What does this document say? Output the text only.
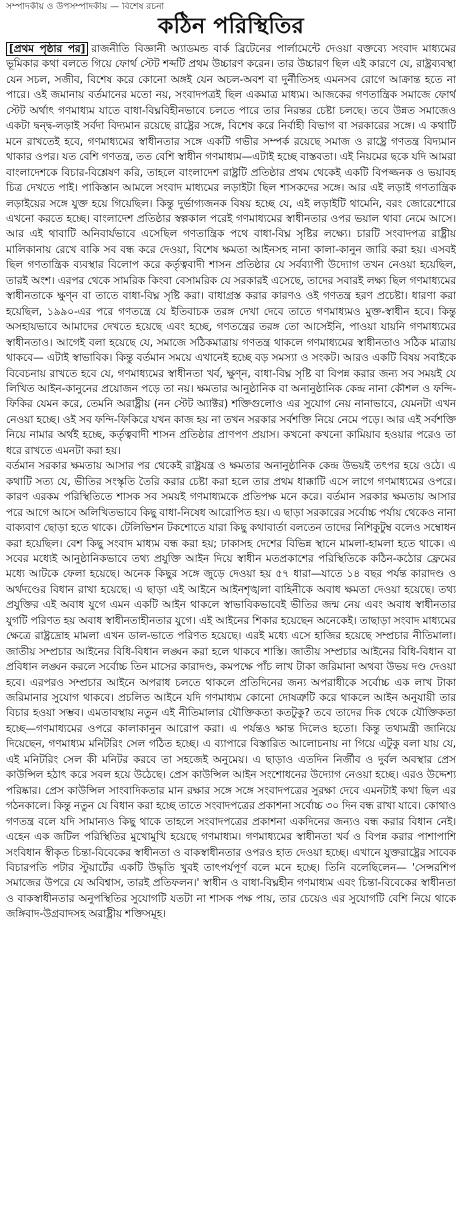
সম্পাদকীয় ও উপসম্পাদকীয় — বিশেষ রচনা
কঠিন পরিস্থিতির
[প্রথম পৃষ্ঠার পর] রাজনীতি বিজ্ঞানী অ্যাডমন্ড বার্ক ব্রিটেনের পার্লামেন্টে দেওয়া বক্তব্যে সংবাদ মাধ্যমের ভূমিকার কথা বলতে গিয়ে ফোর্থ স্টেট শব্দটি প্রথম উচ্চারণ করেন। তার উচ্চারণ ছিল এই কারণে যে, রাষ্ট্রব্যবস্থা যেন সচল, সজীব, বিশেষ করে কোনো অঙ্গই যেন অচল-অবশ বা দুর্নীতিসহ এমনসব রোগে আক্রান্ত হতে না পারে। ওই জমানায় বর্তমানের মতো নয়, সংবাদপত্রই ছিল একমাত্র মাধ্যম। আজকের গণতান্ত্রিক সমাজে ফোর্থ স্টেট অর্থাৎ গণমাধ্যম যাতে বাধা-বিঘ্নবিহীনভাবে চলতে পারে তার নিরন্তর চেষ্টা চলছে। তবে উন্নত সমাজেও একটা দ্বন্দ্ব-লড়াই সর্বদা বিদ্যমান রয়েছে রাষ্ট্রের সঙ্গে, বিশেষ করে নির্বাহী বিভাগ বা সরকারের সঙ্গে। এ কথাটি মনে রাখতেই হবে, গণমাধ্যমের স্বাধীনতার সঙ্গে একটি গভীর সম্পর্ক রয়েছে সমাজ ও রাষ্ট্রে গণতন্ত্র বিদ্যমান থাকার ওপর। যত বেশি গণতন্ত্র, তত বেশি স্বাধীন গণমাধ্যম—এটাই হচ্ছে বাস্তবতা। এই নিয়মের ছকে যদি আমরা বাংলাদেশকে বিচার-বিশ্লেষণ করি, তাহলে বাংলাদেশ রাষ্ট্রটি প্রতিষ্ঠার প্রথম থেকেই একটি বিপজ্জনক ও ভয়াবহ চিত্র দেখতে পাই। পাকিস্তান আমলে সংবাদ মাধ্যমের লড়াইটা ছিল শাসকদের সঙ্গে। আর এই লড়াই গণতান্ত্রিক লড়াইয়ের সঙ্গে যুক্ত হয়ে গিয়েছিল। কিন্তু দুর্ভাগ্যজনক বিষয় হচ্ছে যে, এই লড়াইটি থামেনি, বরং জোরেশোরে এখনো করতে হচ্ছে। বাংলাদেশ প্রতিষ্ঠার স্বল্পকাল পরেই গণমাধ্যমের স্বাধীনতার ওপর ভয়াল থাবা নেমে আসে। আর এই থাবাটি অনিবার্যভাবে এসেছিল গণতান্ত্রিক পথে বাধা-বিঘ্ন সৃষ্টির লক্ষ্যে। চারটি সংবাদপত্র রাষ্ট্রীয় মালিকানায় রেখে বাকি সব বন্ধ করে দেওয়া, বিশেষ ক্ষমতা আইনসহ নানা কালা-কানুন জারি করা হয়। এসবই ছিল গণতান্ত্রিক ব্যবস্থার বিলোপ করে কর্তৃত্ববাদী শাসন প্রতিষ্ঠার যে সর্বব্যাপী উদ্যোগ তখন নেওয়া হয়েছিল, তারই অংশ। এরপর থেকে সামরিক কিংবা বেসামরিক যে সরকারই এসেছে, তাদের সবারই লক্ষ্য ছিল গণমাধ্যমের স্বাধীনতাকে ক্ষুণ্ন বা তাতে বাধা-বিঘ্ন সৃষ্টি করা। বাধাগ্রস্ত করার কারণও ওই গণতন্ত্র হরণ প্রচেষ্টা। ধারণা করা হয়েছিল, ১৯৯০-এর পরে গণতন্ত্রে যে ইতিবাচক তরঙ্গ দেখা দেবে তাতে গণমাধ্যমও মুক্ত-স্বাধীন হবে। কিন্তু অসহায়ভাবে আমাদের দেখতে হয়েছে এবং হচ্ছে, গণতন্ত্রের তরঙ্গ তো আসেইনি, পাওয়া যায়নি গণমাধ্যমের স্বাধীনতাও। আগেই বলা হয়েছে যে, সমাজে সঠিকমাত্রায় গণতন্ত্র থাকলে গণমাধ্যমের স্বাধীনতাও সঠিক মাত্রায় থাকবে— এটাই স্বাভাবিক। কিন্তু বর্তমান সময়ে এখানেই হচ্ছে বড় সমস্যা ও সংকট। আরও একটি বিষয় সবাইকে বিবেচনায় রাখতে হবে যে, গণমাধ্যমের স্বাধীনতা খর্ব, ক্ষুণ্ন, বাধা-বিঘ্ন সৃষ্টি বা বিপন্ন করার জন্য সব সময়ই যে লিখিত আইন-কানুনের প্রয়োজন পড়ে তা নয়। ক্ষমতার আনুষ্ঠানিক বা অনানুষ্ঠানিক কেন্দ্র নানা কৌশল ও ফন্দি-ফিকির যেমন করে, তেমনি অরাষ্ট্রীয় (নন স্টেট অ্যাক্টর) শক্তিগুলোও এর সুযোগ নেয় নানাভাবে, যেমনটা এখন নেওয়া হচ্ছে। ওই সব ফন্দি-ফিকিরে যখন কাজ হয় না তখন সরকার সর্বশক্তি নিয়ে নেমে পড়ে। আর এই সর্বশক্তি নিয়ে নামার অর্থই হচ্ছে, কর্তৃত্ববাদী শাসন প্রতিষ্ঠার প্রাণপণ প্রয়াস। কখনো কখনো কামিয়াব হওয়ার পরেও তা ধরে রাখতে এমনটা করা হয়।
বর্তমান সরকার ক্ষমতায় আসার পর থেকেই রাষ্ট্রযন্ত্র ও ক্ষমতার অনানুষ্ঠানিক কেন্দ্র উভয়ই তৎপর হয়ে ওঠে। এ কথাটি সত্য যে, ভীতির সংস্কৃতি তৈরি করার চেষ্টা করা হলে তার প্রথম ধাক্কাটি এসে লাগে গণমাধ্যমের ওপরে। কারণ এরকম পরিস্থিতিতে শাসক সব সময়ই গণমাধ্যমকে প্রতিপক্ষ মনে করে। বর্তমান সরকার ক্ষমতায় আসার পরে আগে আসে অলিখিতভাবে কিছু বাধা-নিষেধ আরোপিত হয়। এ ছাড়া সরকারের সর্বোচ্চ পর্যায় থেকেও নানা বাক্যবাণ ছোড়া হতে থাকে। টেলিভিশন টকশোতে যারা কিছু কথাবার্তা বলতেন তাদের নিশিকুটুম্ব বলেও সম্বোধন করা হয়েছিল। বেশ কিছু সংবাদ মাধ্যম বন্ধ করা হয়; ঢাকাসহ দেশের বিভিন্ন স্থানে মামলা-হামলা হতে থাকে। এ সবের মধ্যেই আনুষ্ঠানিকভাবে তথ্য প্রযুক্তি আইন দিয়ে স্বাধীন মতপ্রকাশের পরিস্থিতিকে কঠিন-কঠোর ফ্রেমের মধ্যে আটকে ফেলা হয়েছে। অনেক কিছুর সঙ্গে জুড়ে দেওয়া হয় ৫৭ ধারা—যাতে ১৪ বছর পর্যন্ত কারাদণ্ড ও অর্থদণ্ডের বিধান রাখা হয়েছে। এ ছাড়া এই আইনে আইনশৃঙ্খলা বাহিনীকে অবাধ ক্ষমতা দেওয়া হয়েছে। তথ্য প্রযুক্তির এই অবাধ যুগে এমন একটি আইন থাকলে স্বাভাবিকভাবেই ভীতির জন্ম নেয় এবং অবাধ স্বাধীনতার যুগটি পরিণত হয় অবাধ স্বাধীনতাহীনতার যুগে। এই আইনের শিকার হয়েছেন অনেকেই। তাছাড়া সংবাদ মাধ্যমের ক্ষেত্রে রাষ্ট্রদ্রোহ মামলা এখন ডাল-ভাতে পরিণত হয়েছে। এরই মধ্যে এসে হাজির হয়েছে সম্প্রচার নীতিমালা। জাতীয় সম্প্রচার আইনের বিধি-বিধান লঙ্ঘন করা হলে থাকবে শাস্তি। জাতীয় সম্প্রচার আইনের বিধি-বিধান বা প্রবিধান লঙ্ঘন করলে সর্বোচ্চ তিন মাসের কারাদণ্ড, কমপক্ষে পাঁচ লাখ টাকা জরিমানা অথবা উভয় দণ্ড দেওয়া হবে। এরপরও সম্প্রচার আইনে অপরাধ চলতে থাকলে প্রতিদিনের জন্য অপরাধীকে সর্বোচ্চ এক লাখ টাকা জরিমানার সুযোগ থাকবে। প্রচলিত আইনে যদি গণমাধ্যম কোনো দোষত্রুটি করে থাকলে আইন অনুযায়ী তার বিচার হওয়া সম্ভব। এমতাবস্থায় নতুন এই নীতিমালার যৌক্তিকতা কতটুকু? তবে তাদের দিক থেকে যৌক্তিকতা হচ্ছে—গণমাধ্যমের ওপরে কালাকানুন আরোপ করা। এ পর্যন্তও ক্ষান্ত দিলেও হতো। কিন্তু তথ্যমন্ত্রী জানিয়ে দিয়েছেন, গণমাধ্যম মনিটরিং সেল গঠিত হচ্ছে। এ ব্যাপারে বিস্তারিত আলোচনায় না গিয়ে এটুকু বলা যায় যে, এই মনিটরিং সেল কী মনিটর করবে তা সহজেই অনুমেয়। এ ছাড়াও এতদিন নির্জীব ও দুর্বল অবস্থার প্রেস কাউন্সিল হঠাৎ করে সবল হয়ে উঠেছে। প্রেস কাউন্সিল আইন সংশোধনের উদ্যোগ নেওয়া হচ্ছে। এরও উদ্দেশ্য পরিষ্কার। প্রেস কাউন্সিল সাংবাদিকতার মান রক্ষার সঙ্গে সঙ্গে সংবাদপত্রের সুরক্ষা দেবে এমনটাই কথা ছিল এর গঠনকালে। কিন্তু নতুন যে বিধান করা হচ্ছে তাতে সংবাদপত্রের প্রকাশনা সর্বোচ্চ ৩০ দিন বন্ধ রাখা যাবে। কোথাও গণতন্ত্র বলে যদি সামান্যও কিছু থাকে তাহলে সংবাদপত্রের প্রকাশনা একদিনের জন্যও বন্ধ করার বিধান নেই। এহেন এক জটিল পরিস্থিতির মুখোমুখি হয়েছে গণমাধ্যম। গণমাধ্যমের স্বাধীনতা খর্ব ও বিপন্ন করার পাশাপাশি সংবিধান স্বীকৃত চিন্তা-বিবেকের স্বাধীনতা ও বাকস্বাধীনতার ওপরও হাত দেওয়া হচ্ছে। এখানে যুক্তরাষ্ট্রের সাবেক বিচারপতি পটার স্টুয়ার্টের একটি উদ্ধৃতি খুবই তাৎপর্যপূর্ণ বলে মনে হচ্ছে। তিনি বলেছিলেন— 'সেন্সরশিপ সমাজের উপরে যে অবিশ্বাস, তারই প্রতিফলন।' স্বাধীন ও বাধা-বিঘ্নহীন গণমাধ্যম এবং চিন্তা-বিবেকের স্বাধীনতা ও বাকস্বাধীনতার অনুপস্থিতির সুযোগটি যতটা না শাসক পক্ষ পায়, তার চেয়েও এর সুযোগটি বেশি নিয়ে থাকে জঙ্গিবাদ-উগ্রবাদসহ অরাষ্ট্রীয় শক্তিসমূহ।
